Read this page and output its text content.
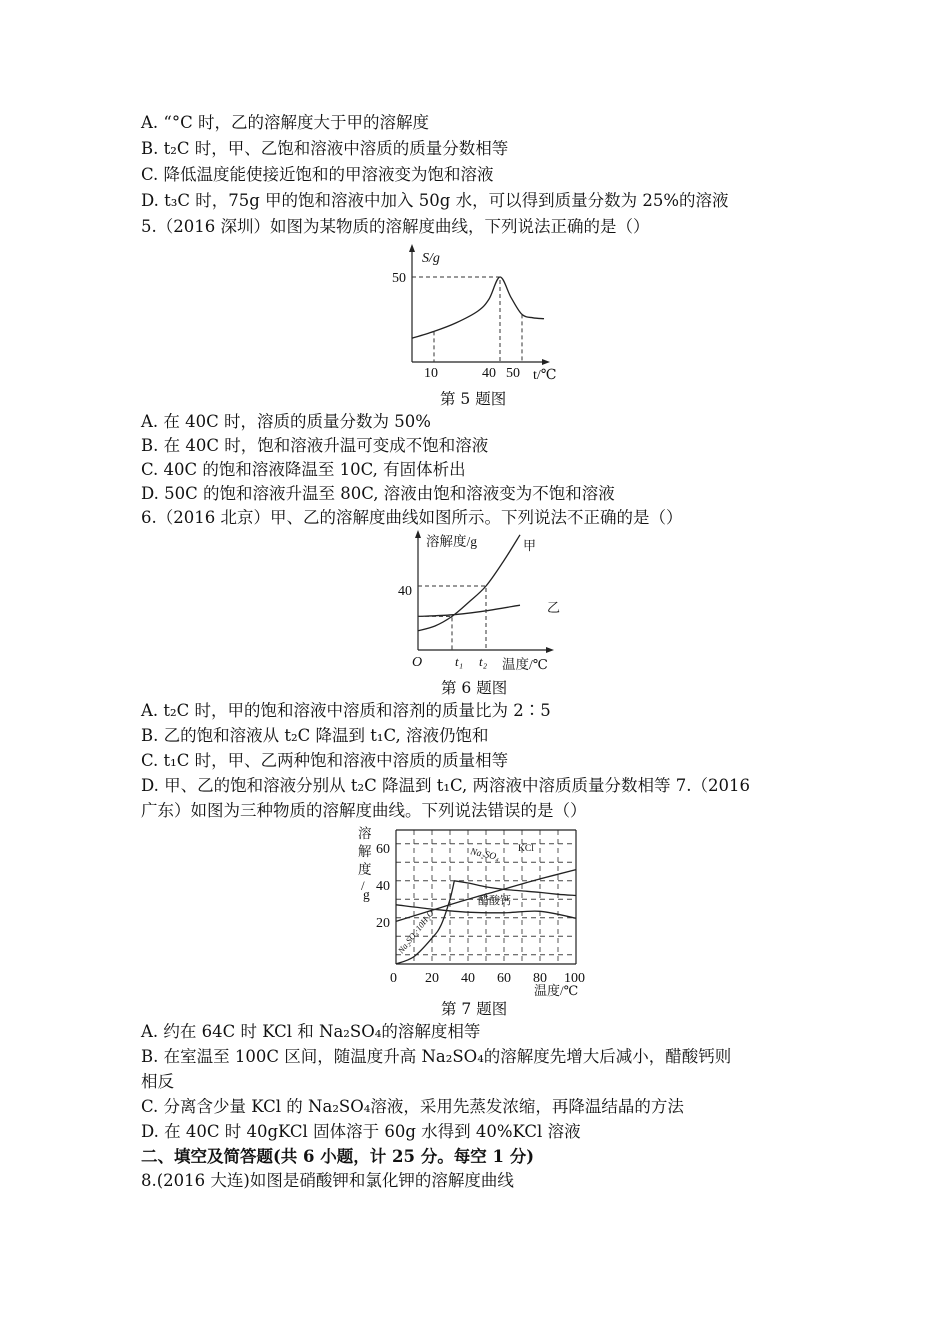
A. “°C 时，乙的溶解度大于甲的溶解度
B. t₂C 时，甲、乙饱和溶液中溶质的质量分数相等
C. 降低温度能使接近饱和的甲溶液变为饱和溶液
D. t₃C 时，75g 甲的饱和溶液中加入 50g 水，可以得到质量分数为 25%的溶液
5.（2016 深圳）如图为某物质的溶解度曲线，下列说法正确的是（）
S/g
50
10	40 50 t/℃
第 5 题图
A. 在 40C 时，溶质的质量分数为 50%
B. 在 40C 时，饱和溶液升温可变成不饱和溶液
C. 40C 的饱和溶液降温至 10C, 有固体析出
D. 50C 的饱和溶液升温至 80C, 溶液由饱和溶液变为不饱和溶液
6.（2016 北京）甲、乙的溶解度曲线如图所示。下列说法不正确的是（）
溶解度/g
40
O	t₁ t₂ 温度/℃
甲
乙
第 6 题图
A. t₂C 时，甲的饱和溶液中溶质和溶剂的质量比为 2∶5
B. 乙的饱和溶液从 t₂C 降温到 t₁C, 溶液仍饱和
C. t₁C 时，甲、乙两种饱和溶液中溶质的质量相等
D. 甲、乙的饱和溶液分别从 t₂C 降温到 t₁C, 两溶液中溶质质量分数相等 7.（2016
广东）如图为三种物质的溶解度曲线。下列说法错误的是（）
溶
解
度
/
g
60
40
20
0 20 40 60 80 100
温度/℃
Na₂SO₄ KCl
醋酸钙
Na₂SO₄·10H₂O
第 7 题图
A. 约在 64C 时 KCl 和 Na₂SO₄的溶解度相等
B. 在室温至 100C 区间，随温度升高 Na₂SO₄的溶解度先增大后减小，醋酸钙则
相反
C. 分离含少量 KCl 的 Na₂SO₄溶液，采用先蒸发浓缩，再降温结晶的方法
D. 在 40C 时 40gKCl 固体溶于 60g 水得到 40%KCl 溶液
二、填空及简答题(共 6 小题，计 25 分。每空 1 分)
8.(2016 大连)如图是硝酸钾和氯化钾的溶解度曲线
